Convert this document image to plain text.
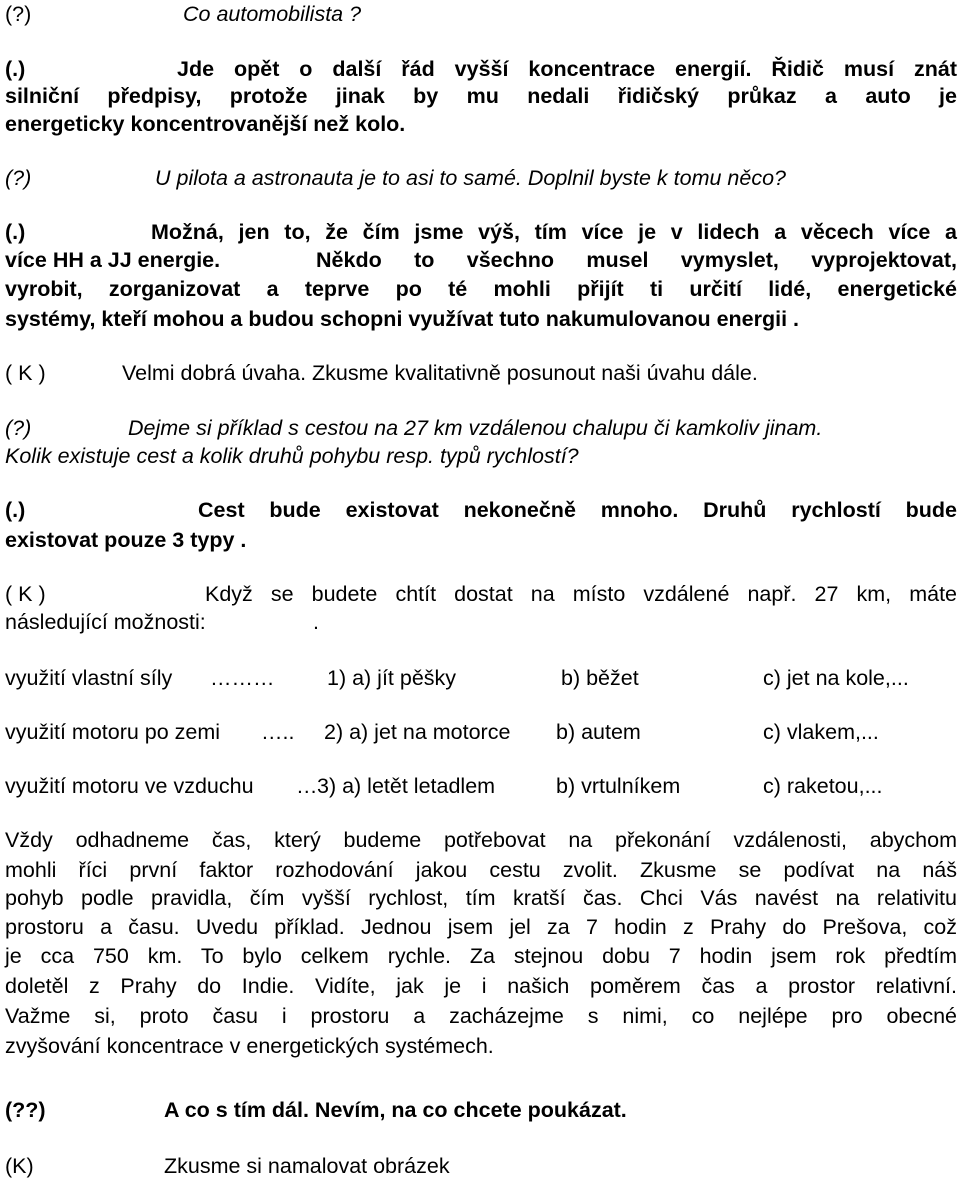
(?)	Co automobilista ?
(.)	Jde opět o další řád vyšší koncentrace energií. Řidič musí znát
silniční předpisy, protože jinak by mu nedali řidičský průkaz a auto je
energeticky koncentrovanější než kolo.
(?)	U pilota a astronauta je to asi to samé. Doplnil byste k tomu něco?
(.)	Možná, jen to, že čím jsme výš, tím více je v lidech a věcech více a
více HH a JJ energie.	Někdo to všechno musel vymyslet, vyprojektovat,
vyrobit, zorganizovat a teprve po té mohli přijít ti určití lidé, energetické
systémy, kteří mohou a budou schopni využívat tuto nakumulovanou energii .
( K )	Velmi dobrá úvaha. Zkusme kvalitativně posunout naši úvahu dále.
(?)	Dejme si příklad s cestou na 27 km vzdálenou chalupu či kamkoliv jinam.
Kolik existuje cest a kolik druhů pohybu resp. typů rychlostí?
(.)	Cest bude existovat nekonečně mnoho. Druhů rychlostí bude
existovat pouze 3 typy .
( K )	Když se budete chtít dostat na místo vzdálené např. 27 km, máte
následující možnosti:	.
využití vlastní síly ……… 1) a) jít pěšky	b) běžet	c) jet na kole,...
využití motoru po zemi ….. 2) a) jet na motorce b) autem	c) vlakem,...
využití motoru ve vzduchu … 3) a) letět letadlem	b) vrtulníkem	c) raketou,...
Vždy odhadneme čas, který budeme potřebovat na překonání vzdálenosti, abychom
mohli říci první faktor rozhodování jakou cestu zvolit. Zkusme se podívat na náš
pohyb podle pravidla, čím vyšší rychlost, tím kratší čas. Chci Vás navést na relativitu
prostoru a času. Uvedu příklad. Jednou jsem jel za 7 hodin z Prahy do Prešova, což
je cca 750 km. To bylo celkem rychle. Za stejnou dobu 7 hodin jsem rok předtím
doletěl z Prahy do Indie. Vidíte, jak je i našich poměrem čas a prostor relativní.
Važme si, proto času i prostoru a zacházejme s nimi, co nejlépe pro obecné
zvyšování koncentrace v energetických systémech.
(??)	A co s tím dál. Nevím, na co chcete poukázat.
(K)	Zkusme si namalovat obrázek
